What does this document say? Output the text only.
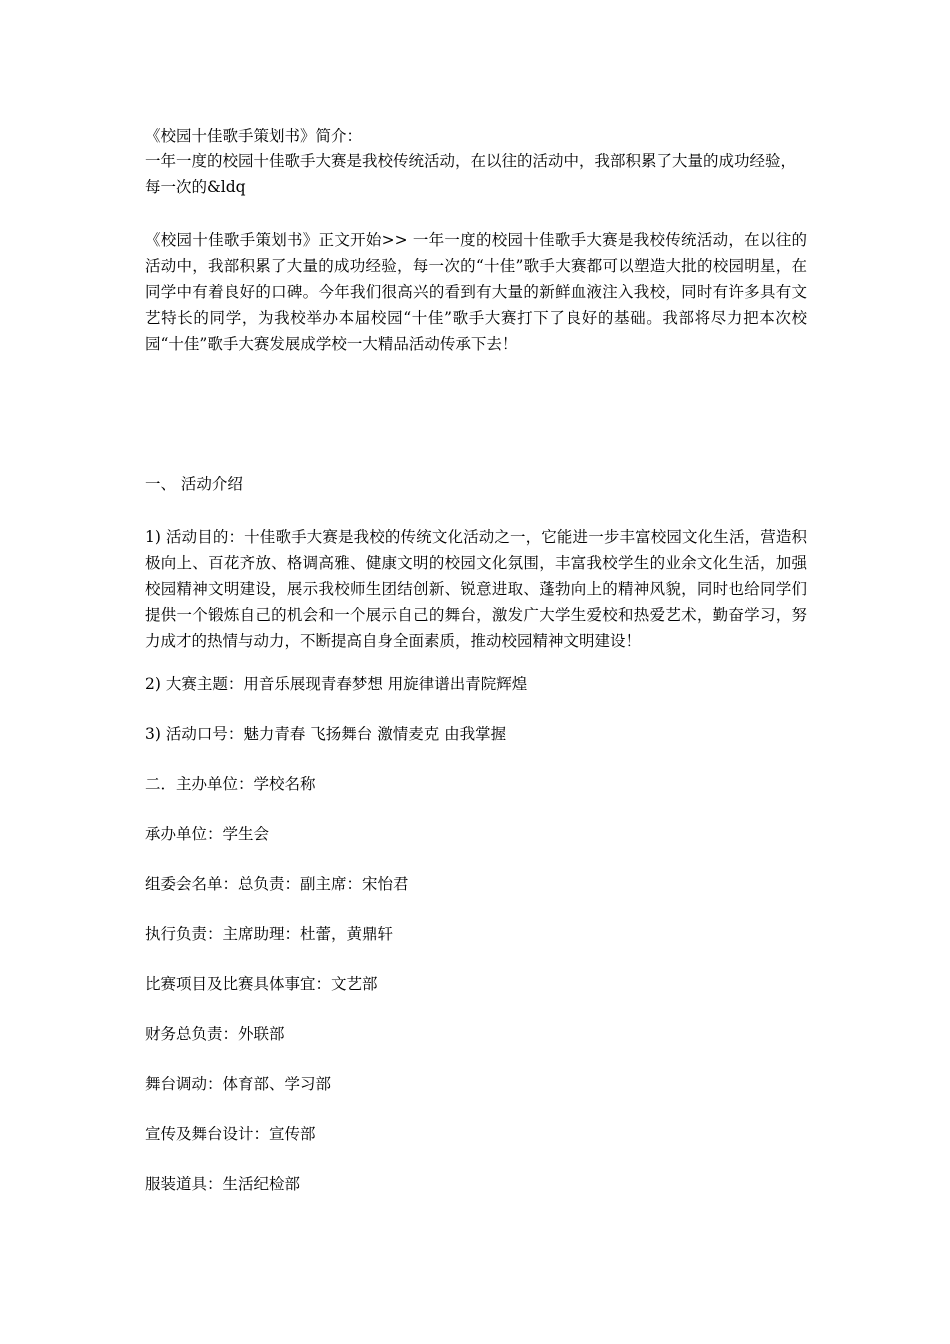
《校园十佳歌手策划书》简介：

一年一度的校园十佳歌手大赛是我校传统活动，在以往的活动中，我部积累了大量的成功经验，每一次的&ldq

《校园十佳歌手策划书》正文开始>> 一年一度的校园十佳歌手大赛是我校传统活动，在以往的活动中，我部积累了大量的成功经验，每一次的“十佳”歌手大赛都可以塑造大批的校园明星，在同学中有着良好的口碑。今年我们很高兴的看到有大量的新鲜血液注入我校，同时有许多具有文艺特长的同学，为我校举办本届校园“十佳”歌手大赛打下了良好的基础。我部将尽力把本次校园“十佳”歌手大赛发展成学校一大精品活动传承下去！

一、 活动介绍

1) 活动目的：十佳歌手大赛是我校的传统文化活动之一，它能进一步丰富校园文化生活，营造积极向上、百花齐放、格调高雅、健康文明的校园文化氛围，丰富我校学生的业余文化生活，加强校园精神文明建设，展示我校师生团结创新、锐意进取、蓬勃向上的精神风貌，同时也给同学们提供一个锻炼自己的机会和一个展示自己的舞台，激发广大学生爱校和热爱艺术，勤奋学习，努力成才的热情与动力，不断提高自身全面素质，推动校园精神文明建设！

2) 大赛主题：用音乐展现青春梦想 用旋律谱出青院辉煌

3) 活动口号：魅力青春 飞扬舞台 激情麦克 由我掌握

二．主办单位：学校名称

承办单位：学生会

组委会名单：总负责：副主席：宋怡君

执行负责：主席助理：杜蕾，黄鼎轩

比赛项目及比赛具体事宜：文艺部

财务总负责：外联部

舞台调动：体育部、学习部

宣传及舞台设计：宣传部

服装道具：生活纪检部
